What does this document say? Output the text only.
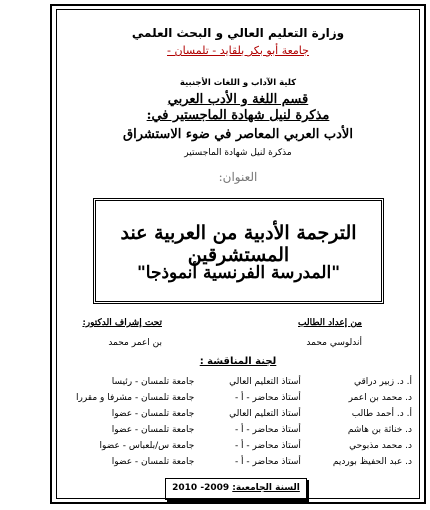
وزارة التعليم العالي و البحث العلمي
جامعة أبو بكر بلقايد - تلمسان -
كلية الآداب و اللغات الأجنبية
قسم اللغة و الأدب العربي
مذكرة لنيل شهادة الماجستير في:
الأدب العربي المعاصر في ضوء الاستشراق
مذكرة لنيل شهادة الماجستير
العنوان:
الترجمة الأدبية من العربية عند المستشرقين
"المدرسة الفرنسية أنموذجا"
من إعداد الطالب
أندلوسي محمد
تحت إشراف الدكتور:
بن اعمر محمد
لجنة المناقشة :
أ. د. زبير دراقي	أستاذ التعليم العالي	جامعة تلمسان - رئيسا
د. محمد بن اعمر	أستاذ محاضر - أ -	جامعة تلمسان - مشرفا و مقررا
أ. د. أحمد طالب	أستاذ التعليم العالي	جامعة تلمسان - عضوا
د. خناثة بن هاشم	أستاذ محاضر - أ -	جامعة تلمسان - عضوا
د. محمد مذبوحي	أستاذ محاضر - أ -	جامعة س/بلعباس - عضوا
د. عبد الحفيظ بورديم	أستاذ محاضر - أ -	جامعة تلمسان - عضوا
السنة الجامعية: 2009- 2010
